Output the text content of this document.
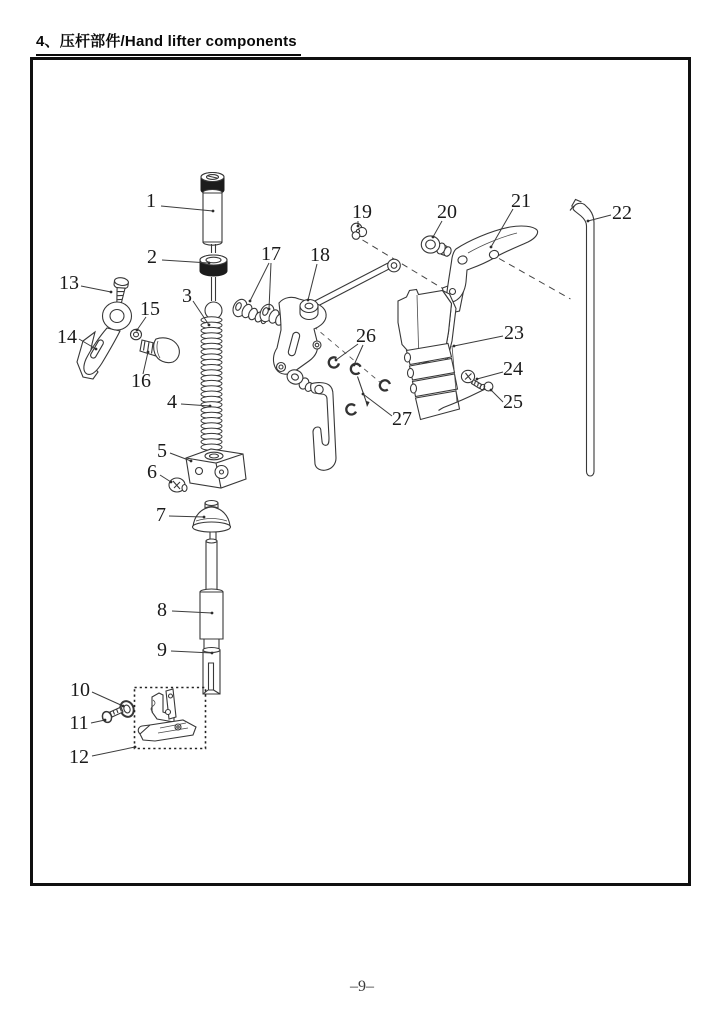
4、压杆部件/Hand lifter components
1
2
3
4
5
6
7
8
9
10
11
12
13
14
15
16
17 18
19	20	21
22
23
24
25
26
27
–9–
